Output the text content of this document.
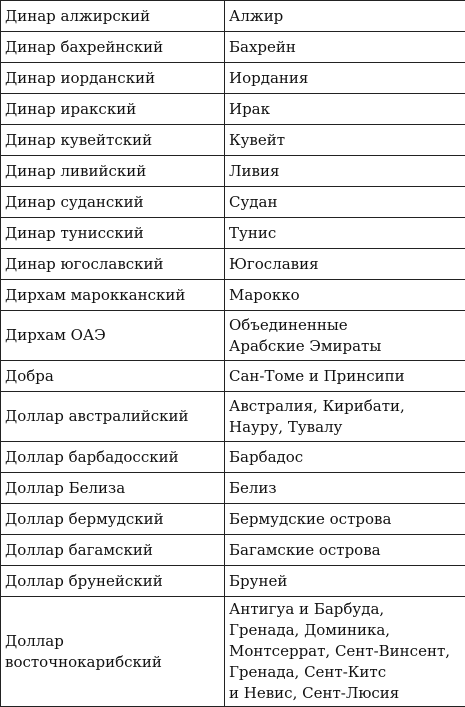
Динар алжирский	Алжир

Динар бахрейнский	Бахрейн

Динар иорданский	Иордания

Динар иракский	Ирак

Динар кувейтский	Кувейт

Динар ливийский	Ливия

Динар суданский	Судан

Динар тунисский	Тунис

Динар югославский	Югославия

Дирхам марокканский	Марокко

Дирхам ОАЭ	Объединенные
Арабские Эмираты

Добра	Сан-Томе и Принсипи

Доллар австралийский	Австралия, Кирибати,
Науру, Тувалу

Доллар барбадосский	Барбадос

Доллар Белиза	Белиз

Доллар бермудский	Бермудские острова

Доллар багамский	Багамские острова

Доллар брунейский	Бруней

Доллар
восточнокарибский	Антигуа и Барбуда,
Гренада, Доминика,
Монтсеррат, Сент-Винсент,
Гренада, Сент-Китс
и Невис, Сент-Люсия
